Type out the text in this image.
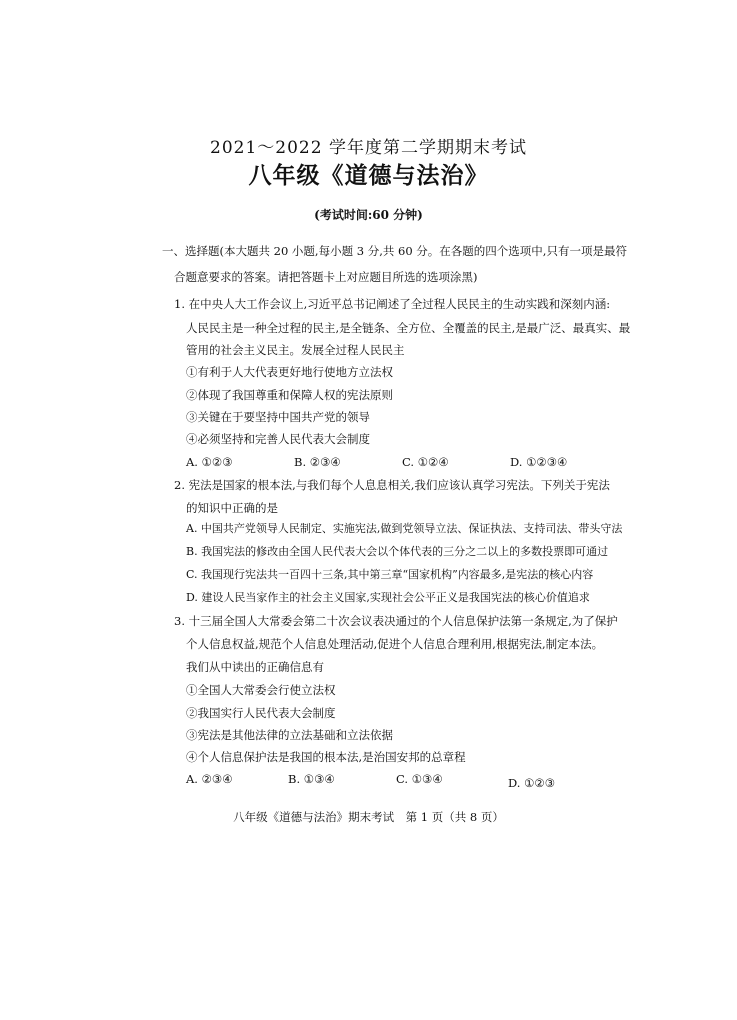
2021～2022 学年度第二学期期末考试
八年级《道德与法治》
(考试时间:60 分钟)
一、选择题(本大题共 20 小题,每小题 3 分,共 60 分。在各题的四个选项中,只有一项是最符
合题意要求的答案。请把答题卡上对应题目所选的选项涂黑)
1. 在中央人大工作会议上,习近平总书记阐述了全过程人民民主的生动实践和深刻内涵:
人民民主是一种全过程的民主,是全链条、全方位、全覆盖的民主,是最广泛、最真实、最
管用的社会主义民主。发展全过程人民民主
①有利于人大代表更好地行使地方立法权
②体现了我国尊重和保障人权的宪法原则
③关键在于要坚持中国共产党的领导
④必须坚持和完善人民代表大会制度
A. ①②③	B. ②③④	C. ①②④	D. ①②③④
2. 宪法是国家的根本法,与我们每个人息息相关,我们应该认真学习宪法。下列关于宪法
的知识中正确的是
A. 中国共产党领导人民制定、实施宪法,做到党领导立法、保证执法、支持司法、带头守法
B. 我国宪法的修改由全国人民代表大会以个体代表的三分之二以上的多数投票即可通过
C. 我国现行宪法共一百四十三条,其中第三章“国家机构”内容最多,是宪法的核心内容
D. 建设人民当家作主的社会主义国家,实现社会公平正义是我国宪法的核心价值追求
3. 十三届全国人大常委会第二十次会议表决通过的个人信息保护法第一条规定,为了保护
个人信息权益,规范个人信息处理活动,促进个人信息合理利用,根据宪法,制定本法。
我们从中读出的正确信息有
①全国人大常委会行使立法权
②我国实行人民代表大会制度
③宪法是其他法律的立法基础和立法依据
④个人信息保护法是我国的根本法,是治国安邦的总章程
A. ②③④	B. ①③④	C. ①③④	D. ①②③
八年级《道德与法治》期末考试　第 1 页（共 8 页）
